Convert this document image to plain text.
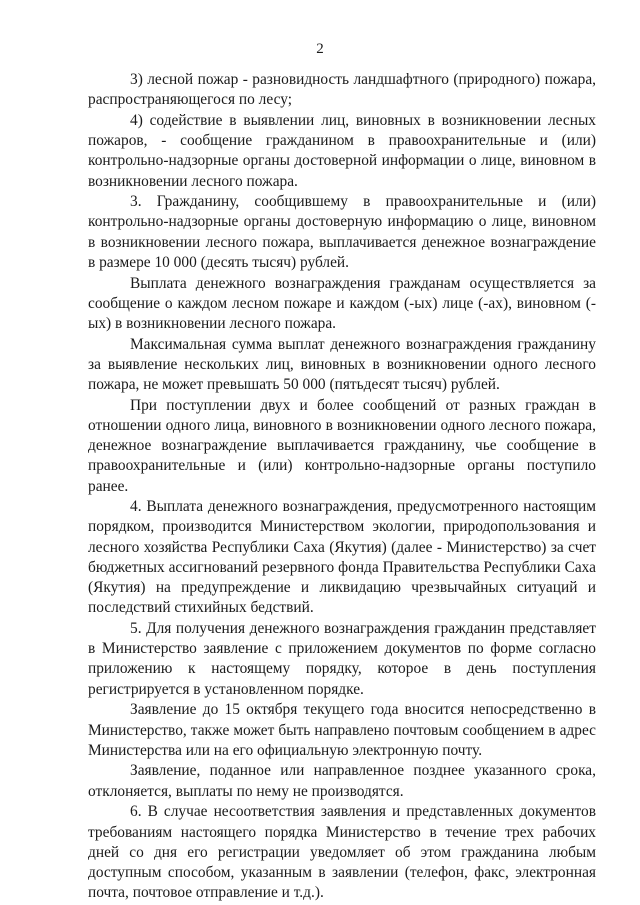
2

3) лесной пожар - разновидность ландшафтного (природного) пожара, распространяющегося по лесу;

4) содействие в выявлении лиц, виновных в возникновении лесных пожаров, - сообщение гражданином в правоохранительные и (или) контрольно-надзорные органы достоверной информации о лице, виновном в возникновении лесного пожара.

3. Гражданину, сообщившему в правоохранительные и (или) контрольно-надзорные органы достоверную информацию о лице, виновном в возникновении лесного пожара, выплачивается денежное вознаграждение в размере 10 000 (десять тысяч) рублей.

Выплата денежного вознаграждения гражданам осуществляется за сообщение о каждом лесном пожаре и каждом (-ых) лице (-ах), виновном (-ых) в возникновении лесного пожара.

Максимальная сумма выплат денежного вознаграждения гражданину за выявление нескольких лиц, виновных в возникновении одного лесного пожара, не может превышать 50 000 (пятьдесят тысяч) рублей.

При поступлении двух и более сообщений от разных граждан в отношении одного лица, виновного в возникновении одного лесного пожара, денежное вознаграждение выплачивается гражданину, чье сообщение в правоохранительные и (или) контрольно-надзорные органы поступило ранее.

4. Выплата денежного вознаграждения, предусмотренного настоящим порядком, производится Министерством экологии, природопользования и лесного хозяйства Республики Саха (Якутия) (далее - Министерство) за счет бюджетных ассигнований резервного фонда Правительства Республики Саха (Якутия) на предупреждение и ликвидацию чрезвычайных ситуаций и последствий стихийных бедствий.

5. Для получения денежного вознаграждения гражданин представляет в Министерство заявление с приложением документов по форме согласно приложению к настоящему порядку, которое в день поступления регистрируется в установленном порядке.

Заявление до 15 октября текущего года вносится непосредственно в Министерство, также может быть направлено почтовым сообщением в адрес Министерства или на его официальную электронную почту.

Заявление, поданное или направленное позднее указанного срока, отклоняется, выплаты по нему не производятся.

6. В случае несоответствия заявления и представленных документов требованиям настоящего порядка Министерство в течение трех рабочих дней со дня его регистрации уведомляет об этом гражданина любым доступным способом, указанным в заявлении (телефон, факс, электронная почта, почтовое отправление и т.д.).
